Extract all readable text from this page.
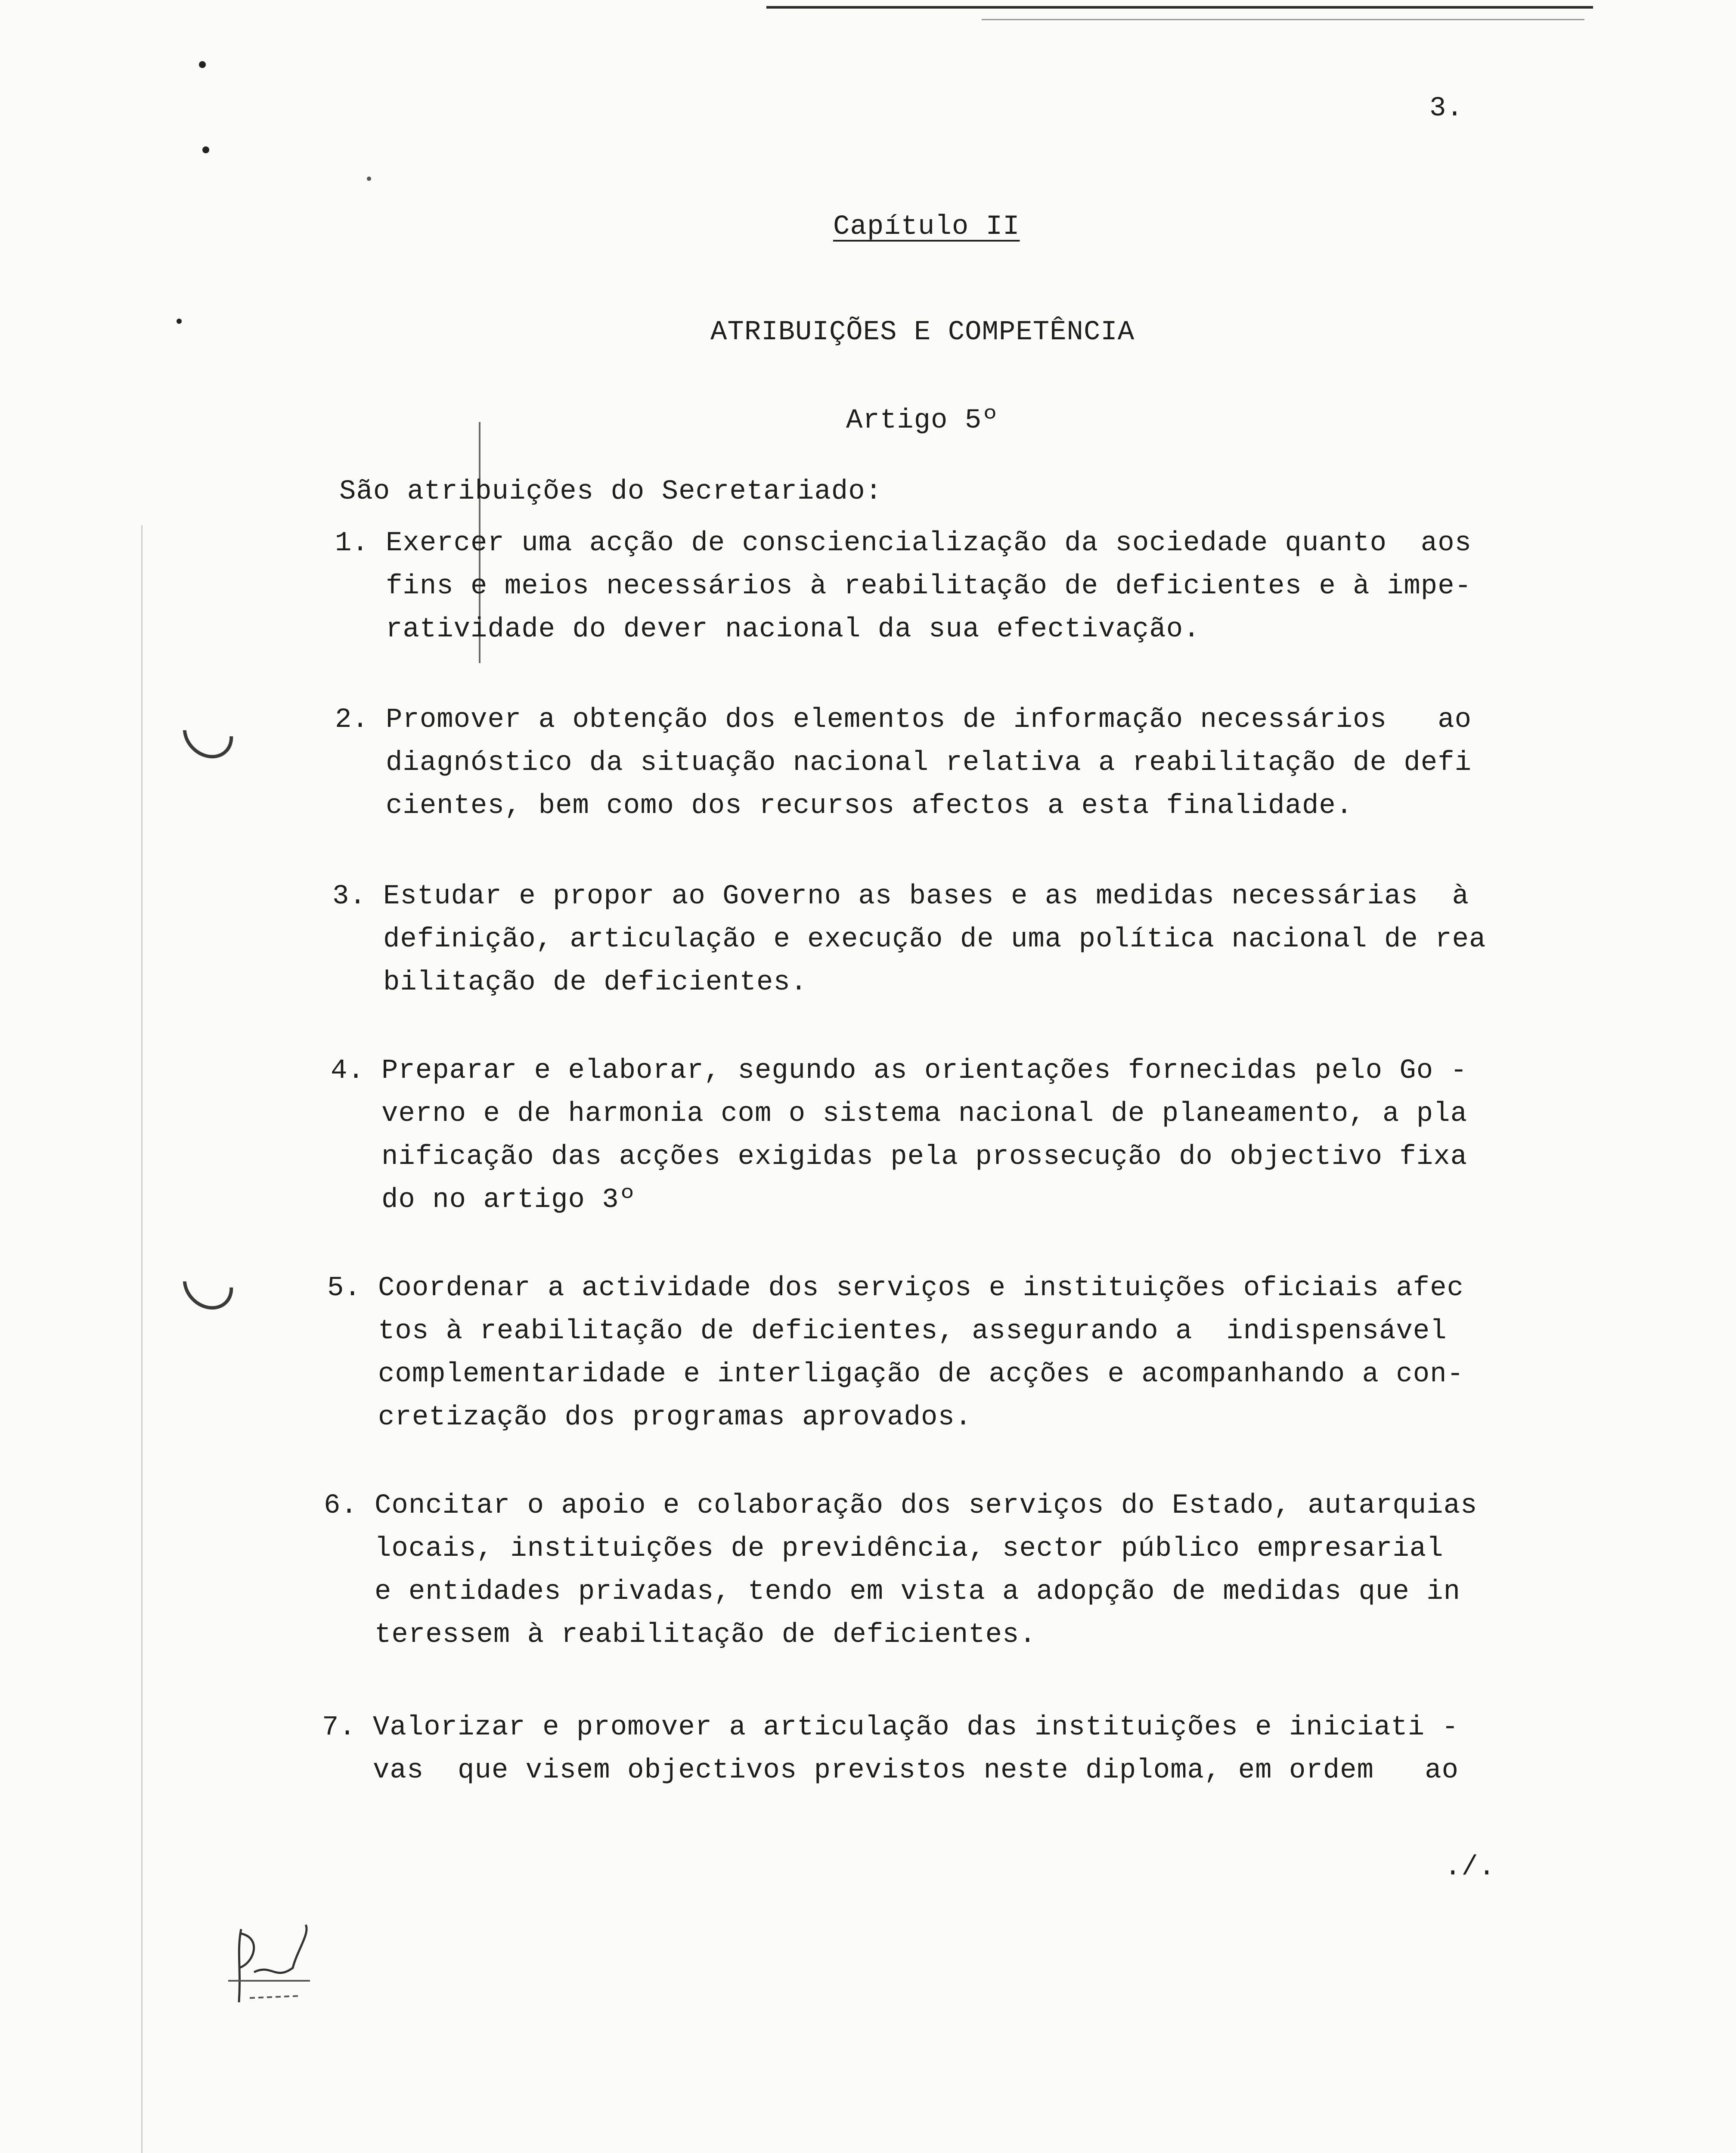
3.
Capítulo II
ATRIBUIÇÕES E COMPETÊNCIA
Artigo 5º
São atribuições do Secretariado:
1. Exercer uma acção de consciencialização da sociedade quanto  aos
fins e meios necessários à reabilitação de deficientes e à impe-
ratividade do dever nacional da sua efectivação.
2. Promover a obtenção dos elementos de informação necessários   ao
diagnóstico da situação nacional relativa a reabilitação de defi
cientes, bem como dos recursos afectos a esta finalidade.
3. Estudar e propor ao Governo as bases e as medidas necessárias  à
definição, articulação e execução de uma política nacional de rea
bilitação de deficientes.
4. Preparar e elaborar, segundo as orientações fornecidas pelo Go -
verno e de harmonia com o sistema nacional de planeamento, a pla
nificação das acções exigidas pela prossecução do objectivo fixa
do no artigo 3º
5. Coordenar a actividade dos serviços e instituições oficiais afec
tos à reabilitação de deficientes, assegurando a  indispensável
complementaridade e interligação de acções e acompanhando a con-
cretização dos programas aprovados.
6. Concitar o apoio e colaboração dos serviços do Estado, autarquias
locais, instituições de previdência, sector público empresarial
e entidades privadas, tendo em vista a adopção de medidas que in
teressem à reabilitação de deficientes.
7. Valorizar e promover a articulação das instituições e iniciati -
vas  que visem objectivos previstos neste diploma, em ordem   ao
./.
